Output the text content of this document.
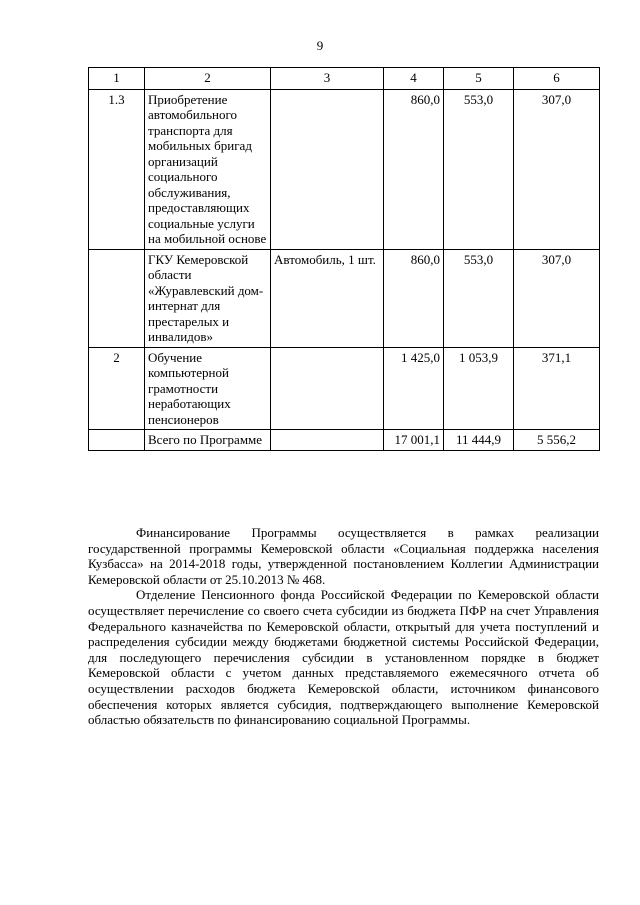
9
1	2	3	4	5	6
1.3	Приобретение автомобильного транспорта для мобильных бригад организаций социального обслуживания, предоставляющих социальные услуги на мобильной основе		860,0	553,0	307,0
	ГКУ Кемеровской области «Журавлевский дом-интернат для престарелых и инвалидов»	Автомобиль, 1 шт.	860,0	553,0	307,0
2	Обучение компьютерной грамотности неработающих пенсионеров		1 425,0	1 053,9	371,1
	Всего по Программе		17 001,1	11 444,9	5 556,2

Финансирование Программы осуществляется в рамках реализации государственной программы Кемеровской области «Социальная поддержка населения Кузбасса» на 2014-2018 годы, утвержденной постановлением Коллегии Администрации Кемеровской области от 25.10.2013 № 468.

Отделение Пенсионного фонда Российской Федерации по Кемеровской области осуществляет перечисление со своего счета субсидии из бюджета ПФР на счет Управления Федерального казначейства по Кемеровской области, открытый для учета поступлений и распределения субсидии между бюджетами бюджетной системы Российской Федерации, для последующего перечисления субсидии в установленном порядке в бюджет Кемеровской области с учетом данных представляемого ежемесячного отчета об осуществлении расходов бюджета Кемеровской области, источником финансового обеспечения которых является субсидия, подтверждающего выполнение Кемеровской областью обязательств по финансированию социальной Программы.
